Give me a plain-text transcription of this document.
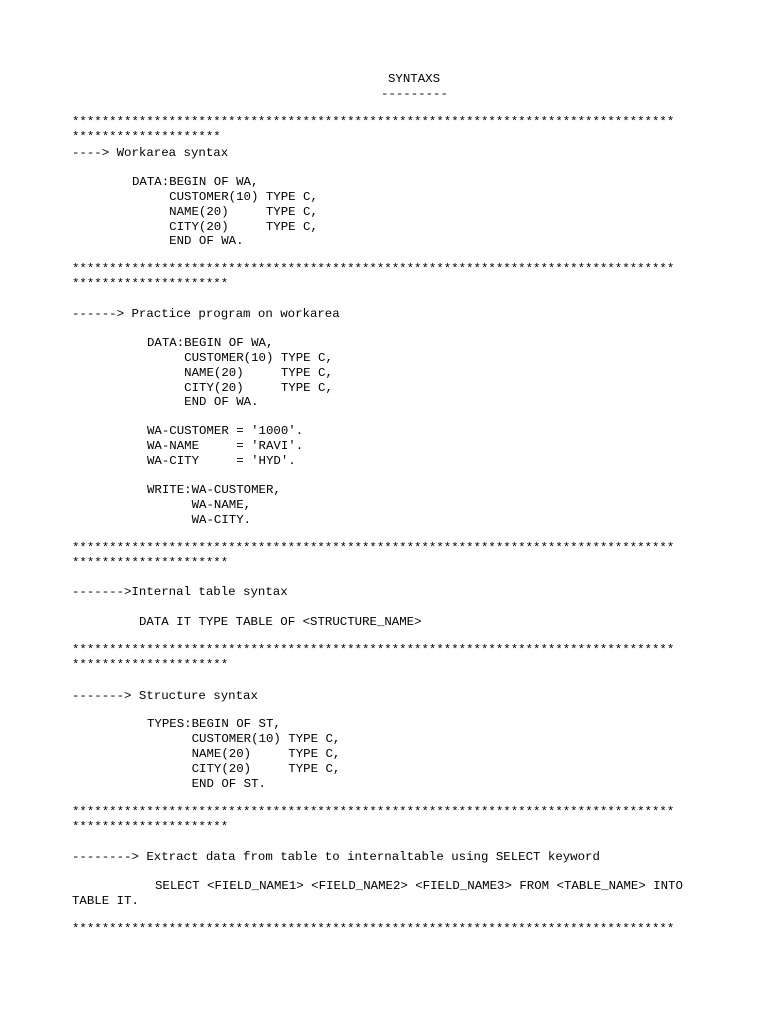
SYNTAXS
---------
*********************************************************************************
********************
----> Workarea syntax
DATA:BEGIN OF WA,
CUSTOMER(10) TYPE C,
NAME(20)     TYPE C,
CITY(20)     TYPE C,
END OF WA.
*********************************************************************************
*********************
------> Practice program on workarea
DATA:BEGIN OF WA,
CUSTOMER(10) TYPE C,
NAME(20)     TYPE C,
CITY(20)     TYPE C,
END OF WA.
WA-CUSTOMER = '1000'.
WA-NAME     = 'RAVI'.
WA-CITY     = 'HYD'.
WRITE:WA-CUSTOMER,
WA-NAME,
WA-CITY.
*********************************************************************************
*********************
------->Internal table syntax
DATA IT TYPE TABLE OF <STRUCTURE_NAME>
*********************************************************************************
*********************
-------> Structure syntax
TYPES:BEGIN OF ST,
CUSTOMER(10) TYPE C,
NAME(20)     TYPE C,
CITY(20)     TYPE C,
END OF ST.
*********************************************************************************
*********************
--------> Extract data from table to internaltable using SELECT keyword
SELECT <FIELD_NAME1> <FIELD_NAME2> <FIELD_NAME3> FROM <TABLE_NAME> INTO
TABLE IT.
*********************************************************************************
